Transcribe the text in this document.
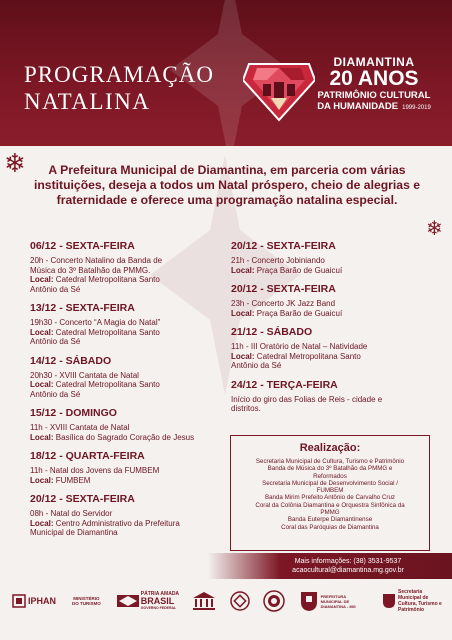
PROGRAMAÇÃO
NATALINA
DIAMANTINA
20 ANOS
PATRIMÔNIO CULTURAL
DA HUMANIDADE 1999-2019
❄
❄
A Prefeitura Municipal de Diamantina, em parceria com várias instituições, deseja a todos um Natal próspero, cheio de alegrias e fraternidade e oferece uma programação natalina especial.
06/12 - SEXTA-FEIRA
20h - Concerto Natalino da Banda de
Música do 3º Batalhão da PMMG.
Local: Catedral Metropolitana Santo
Antônio da Sé
13/12 - SEXTA-FEIRA
19h30 - Concerto “A Magia do Natal”
Local: Catedral Metropolitana Santo
Antônio da Sé
14/12 - SÁBADO
20h30 - XVIII Cantata de Natal
Local: Catedral Metropolitana Santo
Antônio da Sé
15/12 - DOMINGO
11h - XVIII Cantata de Natal
Local: Basílica do Sagrado Coração de Jesus
18/12 - QUARTA-FEIRA
11h - Natal dos Jovens da FUMBEM
Local: FUMBEM
20/12 - SEXTA-FEIRA
08h - Natal do Servidor
Local: Centro Administrativo da Prefeitura
Municipal de Diamantina
20/12 - SEXTA-FEIRA
21h - Concerto Jobiniando
Local: Praça Barão de Guaicuí
20/12 - SEXTA-FEIRA
23h - Concerto JK Jazz Band
Local: Praça Barão de Guaicuí
21/12 - SÁBADO
11h - III Oratório de Natal – Natividade
Local: Catedral Metropolitana Santo
Antônio da Sé
24/12 - TERÇA-FEIRA
Início do giro das Folias de Reis - cidade e
distritos.
Realização:
Secretaria Municipal de Cultura, Turismo e Patrimônio
Banda de Música do 3º Batalhão da PMMG e
Reformados
Secretaria Municipal de Desenvolvimento Social /
FUMBEM
Banda Mirim Prefeito Antônio de Carvalho Cruz
Coral da Colônia Diamantina e Orquestra Sinfônica da
PMMG
Banda Euterpe Diamantinense
Coral das Paróquias de Diamantina
Mais informações: (38) 3531-9537
acaocultural@diamantina.mg.gov.br
IPHAN	MINISTÉRIO DO TURISMO
PÁTRIA AMADA
BRASIL
GOVERNO FEDERAL
PREFEITURA MUNICIPAL DE DIAMANTINA - MG
Secretaria Municipal de Cultura, Turismo e Patrimônio
